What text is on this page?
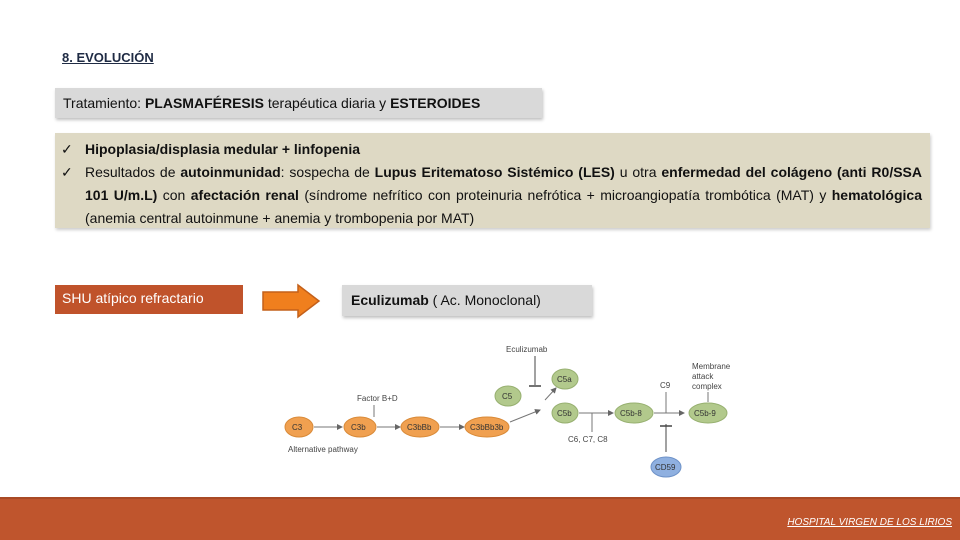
8. EVOLUCIÓN
Tratamiento: PLASMAFÉRESIS terapéutica diaria y ESTEROIDES
✓ Hipoplasia/displasia medular + linfopenia
✓ Resultados de autoinmunidad: sospecha de Lupus Eritematoso Sistémico (LES) u otra enfermedad del colágeno (anti R0/SSA 101 U/m.L) con afectación renal (síndrome nefrítico con proteinuria nefrótica + microangiopatía trombótica (MAT) y hematológica (anemia central autoinmune + anemia y trombopenia por MAT)
SHU atípico refractario	Eculizumab ( Ac. Monoclonal)
Alternative pathway
Factor B+D
C3	C3b	C3bBb	C3bBb3b
Eculizumab
C5
C5a
C5b
C6, C7, C8
C5b-8
C9
Membrane
attack
complex
C5b-9
CD59
HOSPITAL VIRGEN DE LOS LIRIOS
